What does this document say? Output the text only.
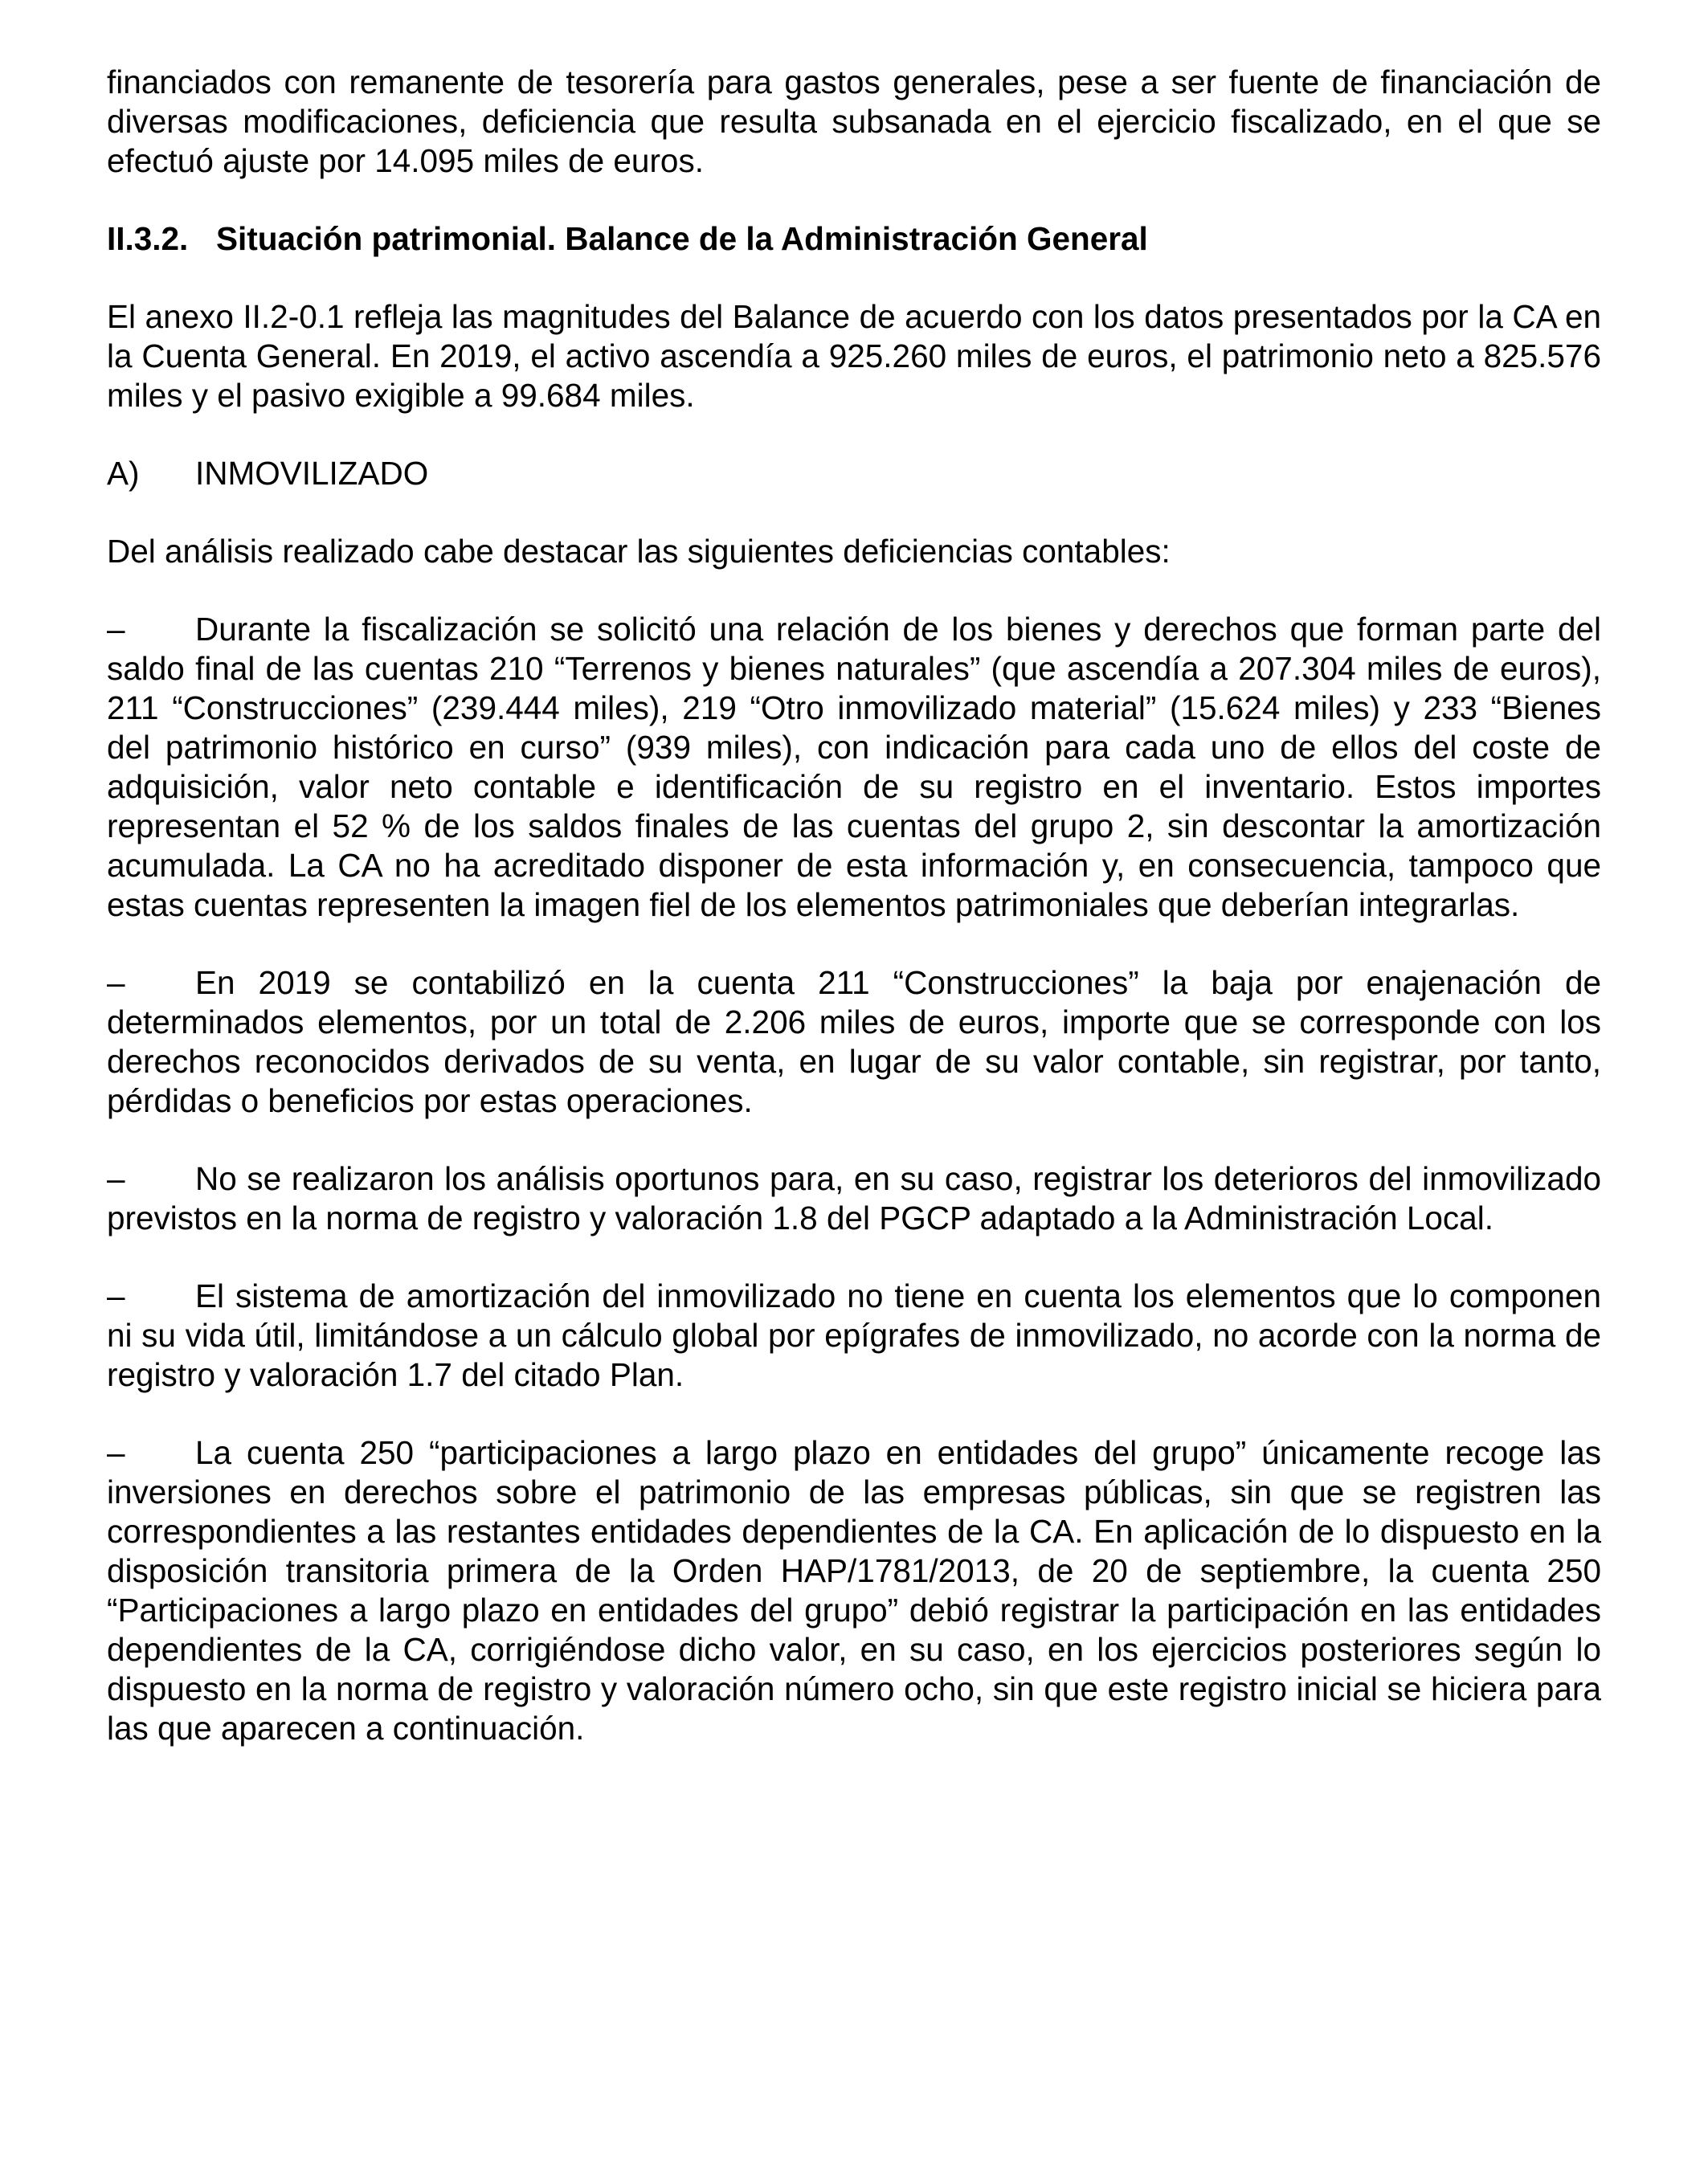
financiados con remanente de tesorería para gastos generales, pese a ser fuente de financiación de diversas modificaciones, deficiencia que resulta subsanada en el ejercicio fiscalizado, en el que se efectuó ajuste por 14.095 miles de euros.

II.3.2. Situación patrimonial. Balance de la Administración General

El anexo II.2-0.1 refleja las magnitudes del Balance de acuerdo con los datos presentados por la CA en la Cuenta General. En 2019, el activo ascendía a 925.260 miles de euros, el patrimonio neto a 825.576 miles y el pasivo exigible a 99.684 miles.

A) INMOVILIZADO

Del análisis realizado cabe destacar las siguientes deficiencias contables:

– Durante la fiscalización se solicitó una relación de los bienes y derechos que forman parte del saldo final de las cuentas 210 “Terrenos y bienes naturales” (que ascendía a 207.304 miles de euros), 211 “Construcciones” (239.444 miles), 219 “Otro inmovilizado material” (15.624 miles) y 233 “Bienes del patrimonio histórico en curso” (939 miles), con indicación para cada uno de ellos del coste de adquisición, valor neto contable e identificación de su registro en el inventario. Estos importes representan el 52 % de los saldos finales de las cuentas del grupo 2, sin descontar la amortización acumulada. La CA no ha acreditado disponer de esta información y, en consecuencia, tampoco que estas cuentas representen la imagen fiel de los elementos patrimoniales que deberían integrarlas.

– En 2019 se contabilizó en la cuenta 211 “Construcciones” la baja por enajenación de determinados elementos, por un total de 2.206 miles de euros, importe que se corresponde con los derechos reconocidos derivados de su venta, en lugar de su valor contable, sin registrar, por tanto, pérdidas o beneficios por estas operaciones.

– No se realizaron los análisis oportunos para, en su caso, registrar los deterioros del inmovilizado previstos en la norma de registro y valoración 1.8 del PGCP adaptado a la Administración Local.

– El sistema de amortización del inmovilizado no tiene en cuenta los elementos que lo componen ni su vida útil, limitándose a un cálculo global por epígrafes de inmovilizado, no acorde con la norma de registro y valoración 1.7 del citado Plan.

– La cuenta 250 “participaciones a largo plazo en entidades del grupo” únicamente recoge las inversiones en derechos sobre el patrimonio de las empresas públicas, sin que se registren las correspondientes a las restantes entidades dependientes de la CA. En aplicación de lo dispuesto en la disposición transitoria primera de la Orden HAP/1781/2013, de 20 de septiembre, la cuenta 250 “Participaciones a largo plazo en entidades del grupo” debió registrar la participación en las entidades dependientes de la CA, corrigiéndose dicho valor, en su caso, en los ejercicios posteriores según lo dispuesto en la norma de registro y valoración número ocho, sin que este registro inicial se hiciera para las que aparecen a continuación.
